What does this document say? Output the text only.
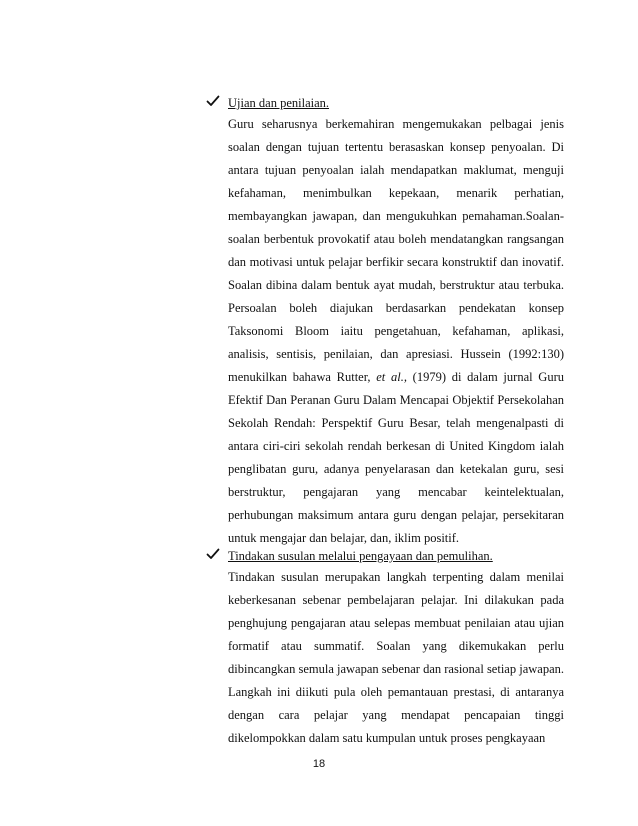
Ujian dan penilaian.
Guru seharusnya berkemahiran mengemukakan pelbagai jenis
soalan dengan tujuan tertentu berasaskan konsep penyoalan. Di
antara tujuan penyoalan ialah mendapatkan maklumat, menguji
kefahaman, menimbulkan kepekaan, menarik perhatian,
membayangkan jawapan, dan mengukuhkan pemahaman.Soalan-
soalan berbentuk provokatif atau boleh mendatangkan rangsangan
dan motivasi untuk pelajar berfikir secara konstruktif dan inovatif.
Soalan dibina dalam bentuk ayat mudah, berstruktur atau terbuka.
Persoalan boleh diajukan berdasarkan pendekatan konsep
Taksonomi Bloom iaitu pengetahuan, kefahaman, aplikasi,
analisis, sentisis, penilaian, dan apresiasi. Hussein (1992:130)
menukilkan bahawa Rutter, et al., (1979) di dalam jurnal Guru
Efektif Dan Peranan Guru Dalam Mencapai Objektif Persekolahan
Sekolah Rendah: Perspektif Guru Besar, telah mengenalpasti di
antara ciri-ciri sekolah rendah berkesan di United Kingdom ialah
penglibatan guru, adanya penyelarasan dan ketekalan guru, sesi
berstruktur, pengajaran yang mencabar keintelektualan,
perhubungan maksimum antara guru dengan pelajar, persekitaran
untuk mengajar dan belajar, dan, iklim positif.
Tindakan susulan melalui pengayaan dan pemulihan.
Tindakan susulan merupakan langkah terpenting dalam menilai
keberkesanan sebenar pembelajaran pelajar. Ini dilakukan pada
penghujung pengajaran atau selepas membuat penilaian atau ujian
formatif atau summatif. Soalan yang dikemukakan perlu
dibincangkan semula jawapan sebenar dan rasional setiap jawapan.
Langkah ini diikuti pula oleh pemantauan prestasi, di antaranya
dengan cara pelajar yang mendapat pencapaian tinggi
dikelompokkan dalam satu kumpulan untuk proses pengkayaan
18
